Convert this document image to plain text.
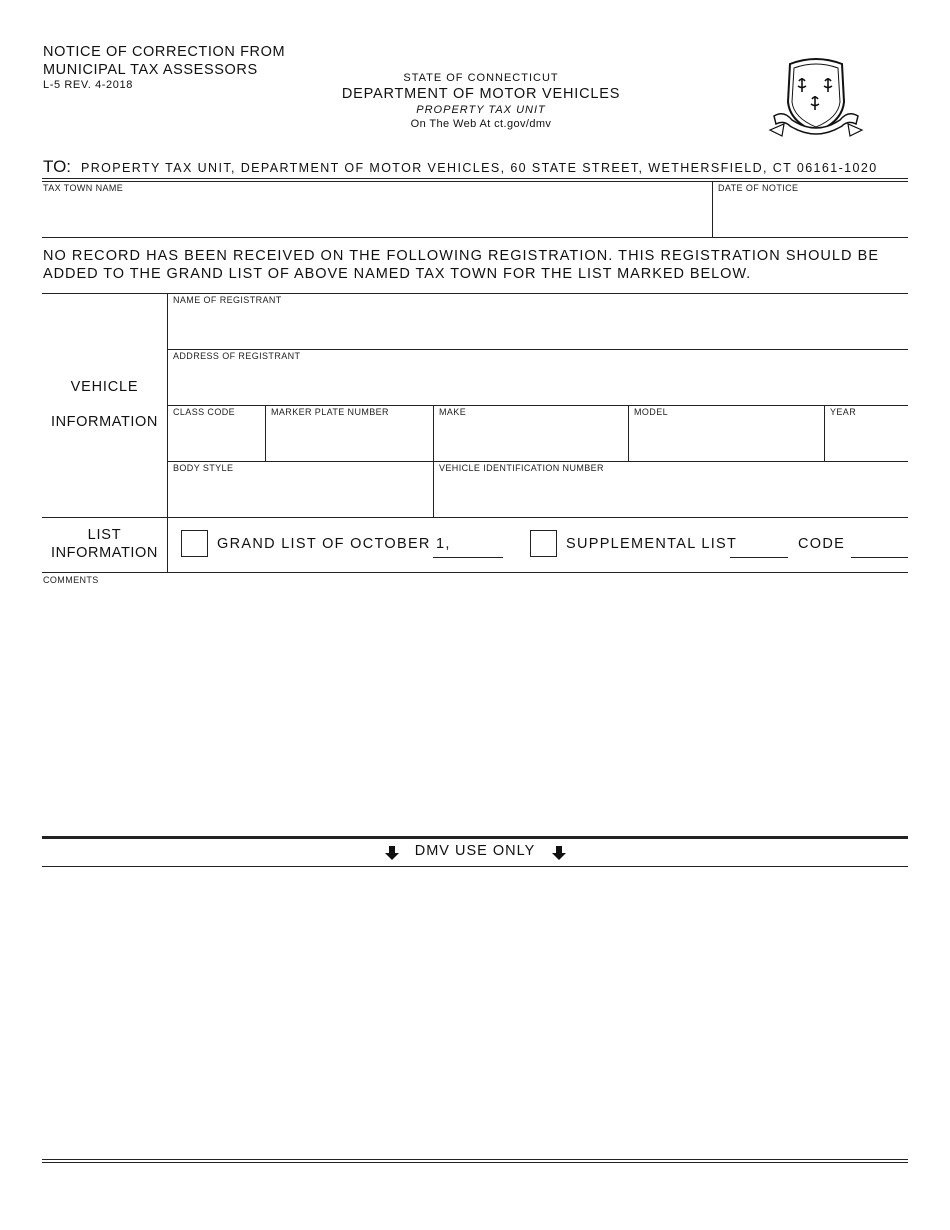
NOTICE OF CORRECTION FROM
MUNICIPAL TAX ASSESSORS
L-5 REV. 4-2018
STATE OF CONNECTICUT
DEPARTMENT OF MOTOR VEHICLES
PROPERTY TAX UNIT
On The Web At ct.gov/dmv
TO: PROPERTY TAX UNIT, DEPARTMENT OF MOTOR VEHICLES, 60 STATE STREET, WETHERSFIELD, CT 06161-1020
TAX TOWN NAME	DATE OF NOTICE
NO RECORD HAS BEEN RECEIVED ON THE FOLLOWING REGISTRATION. THIS REGISTRATION SHOULD BE
ADDED TO THE GRAND LIST OF ABOVE NAMED TAX TOWN FOR THE LIST MARKED BELOW.
VEHICLE
INFORMATION
NAME OF REGISTRANT
ADDRESS OF REGISTRANT
CLASS CODE	MARKER PLATE NUMBER	MAKE	MODEL	YEAR
BODY STYLE	VEHICLE IDENTIFICATION NUMBER
LIST
INFORMATION
GRAND LIST OF OCTOBER 1,	SUPPLEMENTAL LIST	CODE
COMMENTS
DMV USE ONLY
